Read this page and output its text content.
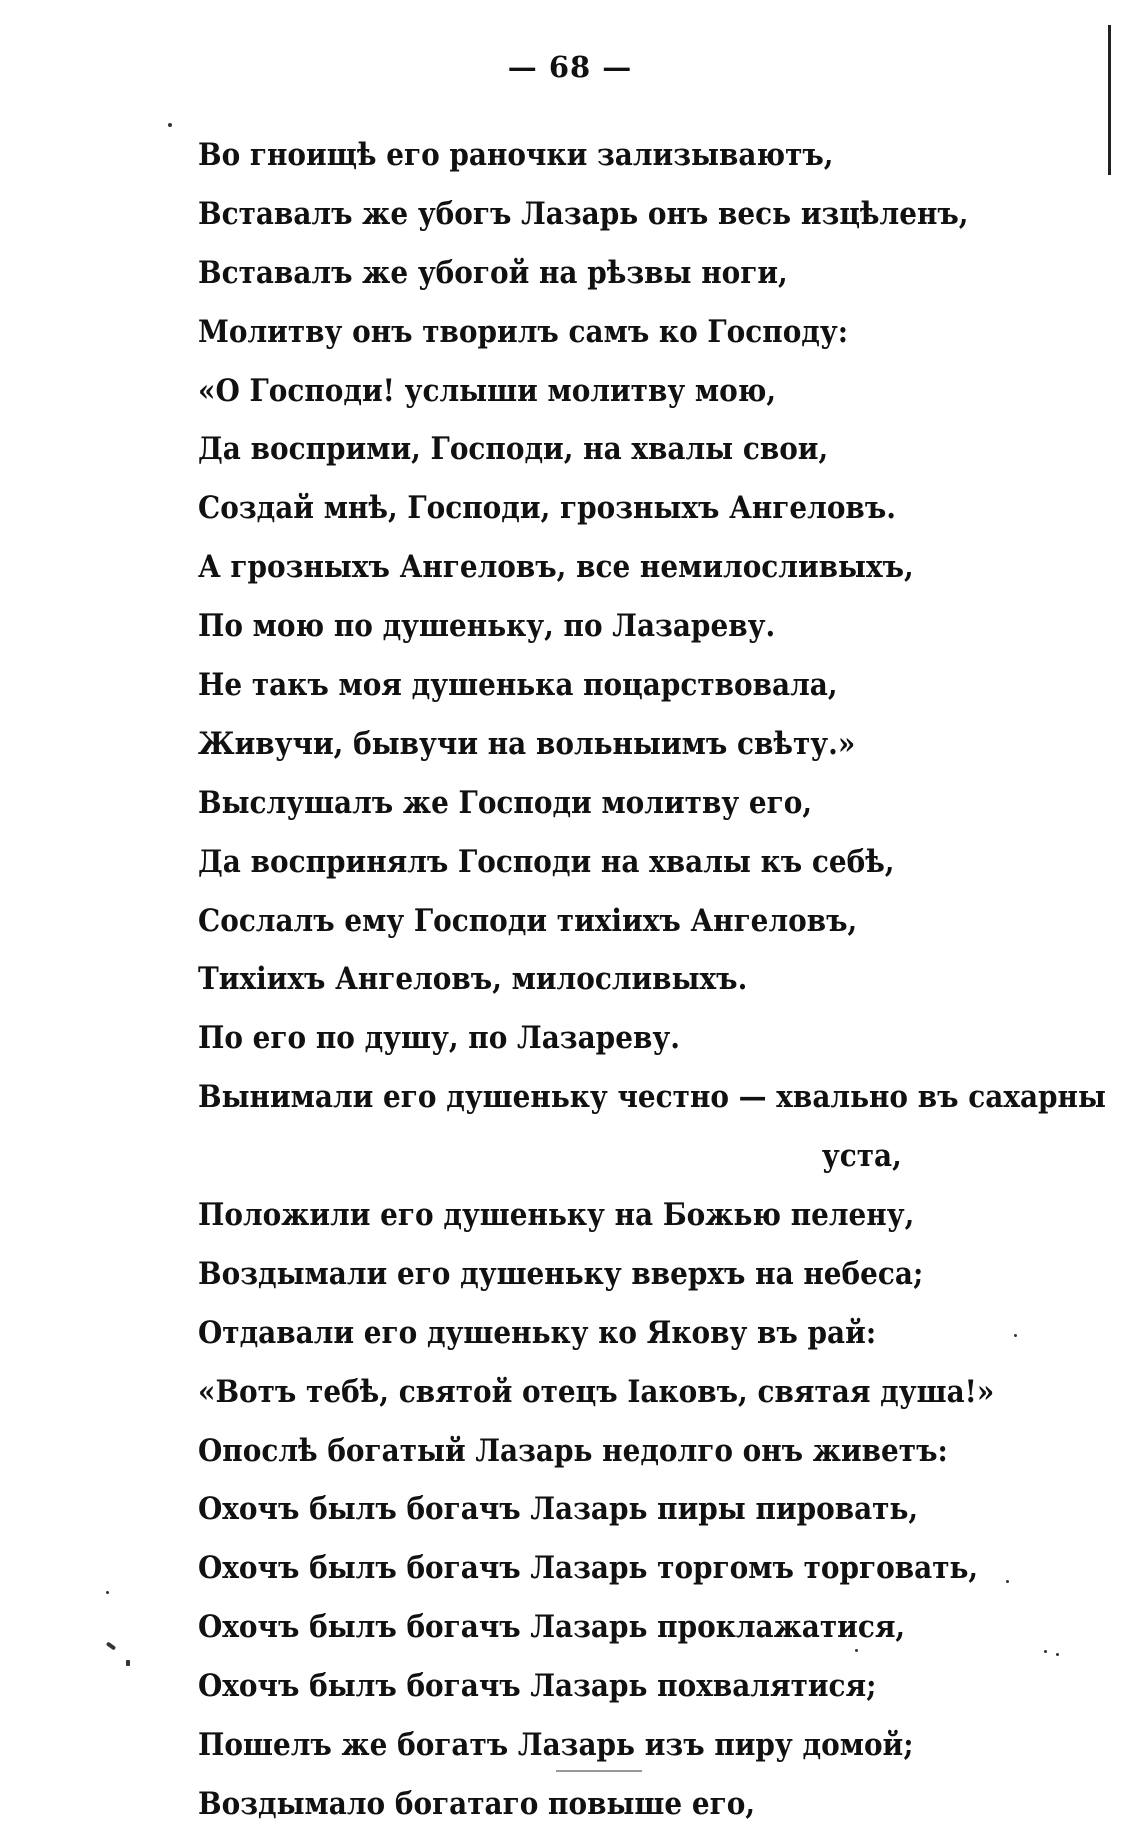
— 68 —
Во гноищѣ его раночки зализываютъ,
Вставалъ же убогъ Лазарь онъ весь изцѣленъ,
Вставалъ же убогой на рѣзвы ноги,
Молитву онъ творилъ самъ ко Господу:
«О Господи! услыши молитву мою,
Да восприми, Господи, на хвалы свои,
Создай мнѣ, Господи, грозныхъ Ангеловъ.
А грозныхъ Ангеловъ, все немилосливыхъ,
По мою по душеньку, по Лазареву.
Не такъ моя душенька поцарствовала,
Живучи, бывучи на вольныимъ свѣту.»
Выслушалъ же Господи молитву его,
Да воспринялъ Господи на хвалы къ себѣ,
Сослалъ ему Господи тихіихъ Ангеловъ,
Тихіихъ Ангеловъ, милосливыхъ.
По его по душу, по Лазареву.
Вынимали его душеньку честно — хвально въ сахарны
уста,
Положили его душеньку на Божью пелену,
Воздымали его душеньку вверхъ на небеса;
Отдавали его душеньку ко Якову въ рай:
«Вотъ тебѣ, святой отецъ Іаковъ, святая душа!»
Опослѣ богатый Лазарь недолго онъ живетъ:
Охочъ былъ богачъ Лазарь пиры пировать,
Охочъ былъ богачъ Лазарь торгомъ торговать,
Охочъ былъ богачъ Лазарь проклажатися,
Охочъ былъ богачъ Лазарь похвалятися;
Пошелъ же богатъ Лазарь изъ пиру домой;
Воздымало богатаго повыше его,
